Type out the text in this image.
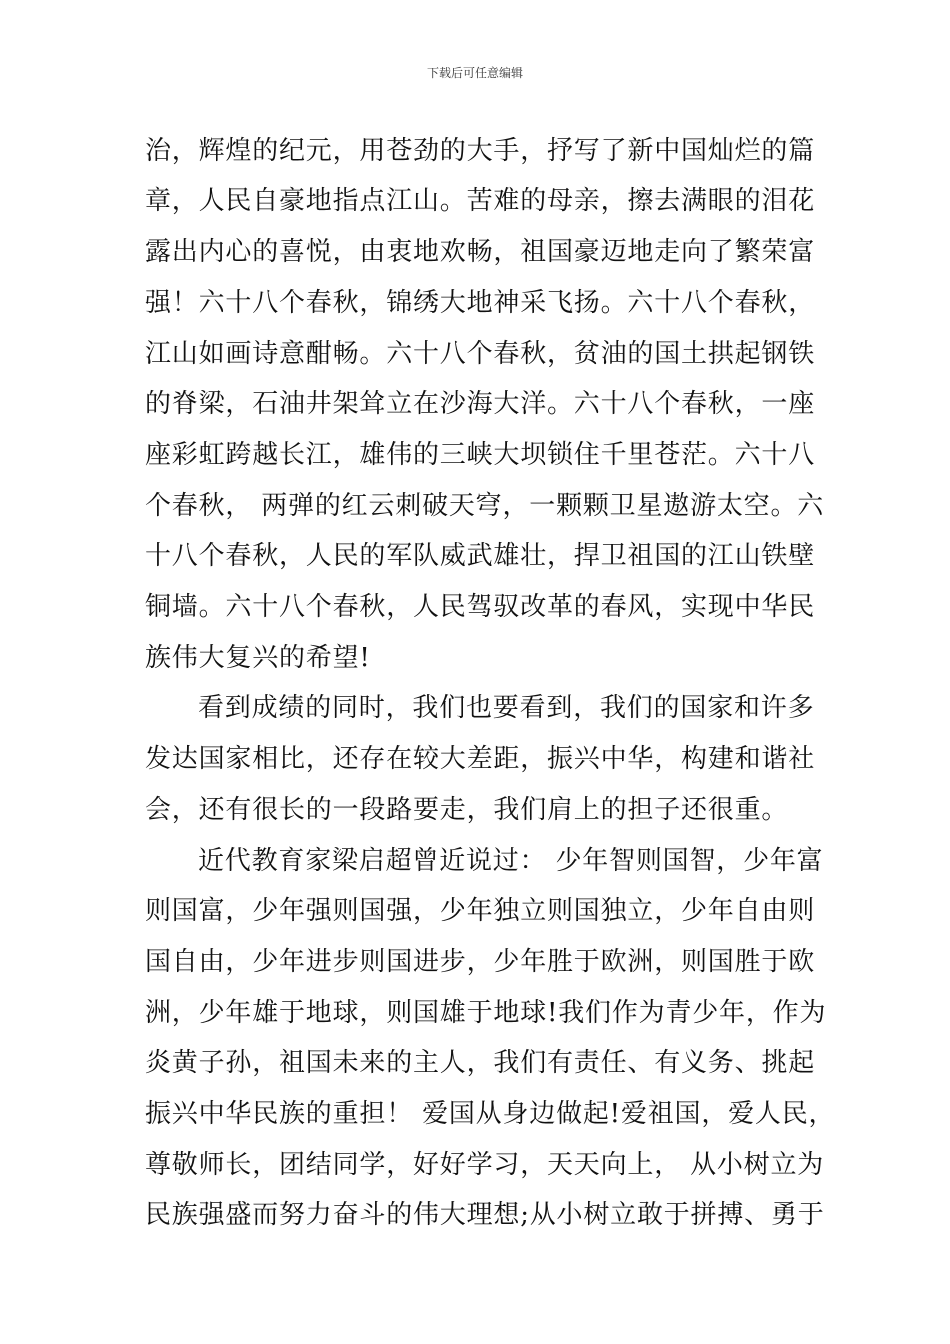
下载后可任意编辑
治，辉煌的纪元，用苍劲的大手，抒写了新中国灿烂的篇
章，人民自豪地指点江山。苦难的母亲，擦去满眼的泪花
露出内心的喜悦，由衷地欢畅，祖国豪迈地走向了繁荣富
强！六十八个春秋，锦绣大地神采飞扬。六十八个春秋，
江山如画诗意酣畅。六十八个春秋，贫油的国土拱起钢铁
的脊梁，石油井架耸立在沙海大洋。六十八个春秋，一座
座彩虹跨越长江，雄伟的三峡大坝锁住千里苍茫。六十八
个春秋， 两弹的红云刺破天穹，一颗颗卫星遨游太空。六
十八个春秋，人民的军队威武雄壮，捍卫祖国的江山铁壁
铜墙。六十八个春秋，人民驾驭改革的春风，实现中华民
族伟大复兴的希望!
看到成绩的同时，我们也要看到，我们的国家和许多
发达国家相比，还存在较大差距，振兴中华，构建和谐社
会，还有很长的一段路要走，我们肩上的担子还很重。
近代教育家梁启超曾近说过： 少年智则国智，少年富
则国富，少年强则国强，少年独立则国独立，少年自由则
国自由，少年进步则国进步，少年胜于欧洲，则国胜于欧
洲，少年雄于地球，则国雄于地球!我们作为青少年，作为
炎黄子孙，祖国未来的主人，我们有责任、有义务、挑起
振兴中华民族的重担！ 爱国从身边做起!爱祖国，爱人民，
尊敬师长，团结同学，好好学习，天天向上， 从小树立为
民族强盛而努力奋斗的伟大理想;从小树立敢于拼搏、勇于
